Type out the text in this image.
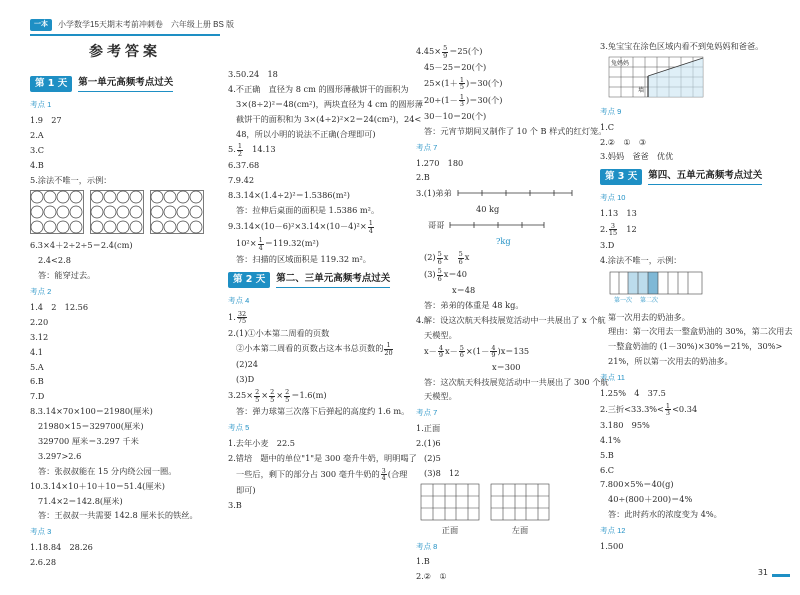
一本	小学数学15天期末考前冲刺卷　六年级上册 BS 版
参考答案
第 1 天	第一单元高频考点过关
考点 1
1.9　27
2.A
3.C
4.B
5.涂法不唯一，示例：
6.3×4＋2÷2÷5＝2.4(cm)
2.4<2.8
答：能穿过去。
考点 2
1.4　2　12.56
2.20
3.12
4.1
5.A
6.B
7.D
8.3.14×70×100＝21980(厘米)
21980×15＝329700(厘米)
329700 厘米＝3.297 千米
3.297>2.6
答：张叔叔能在 15 分内绕公园一圈。
10.3.14×10＋10＋10＝51.4(厘米)
71.4×2＝142.8(厘米)
答：王叔叔一共需要 142.8 厘米长的铁丝。
考点 3
1.18.84　28.26
2.6.28
3.50.24　18
4.不正确　直径为 8 cm 的圆形薄截饼干的面积为
3×(8÷2)²＝48(cm²)，两块直径为 4 cm 的圆形薄
截饼干的面积和为 3×(4÷2)²×2＝24(cm²)，24<
48，所以小明的说法不正确(合理即可)
5. $\frac{1}{2}$
　 14.13
6.37.68
7.9.42
8.3.14×(1.4÷2)²＝1.5386(m²)
答：拉伸后桌面的面积是 1.5386 m²。
$9.3.14\times(10-6)^2\times 3.14\times(10-4)^2\times \frac{1}{4}$
$10^2\times \frac{1}{4} =119.32(m^2)$
答：扫描的区域面积是 119.32 m²。
第 2 天	第二、三单元高频考点过关
考点 4
1. $\frac{32}{75}$
2.(1)①小本第二周看的页数
②小本第二周看的页数占这本书总页数的 $\frac{1}{20}$
(2)24
(3)D
$3.25\times \frac{2}{5} \times \frac{2}{5} \times \frac{2}{5} =1.6(m)$
答：弹力球第三次落下后弹起的高度约 1.6 m。
考点 5
1.去年小麦　22.5
2.错培　题中的单位"1"是 300 毫升牛奶，明明喝了
一些后，剩下的部分占 300 毫升牛奶的 $\frac{3}{4}$ (合理
即可)
3.B
$4.45\times \frac{5}{9} =25$(个)
45－25＝20(个)
$25\times(1+ \frac{1}{5} )=30$(个)
$20\div(1- \frac{1}{3} )=30$(个)
30－10＝20(个)
答：元宵节期间又制作了 10 个 B 样式的红灯笼。
考点 7
1.270　180
2.B
3.(1)弟弟
40 kg
哥哥
?kg
$(2) \frac{5}{6}$ x　 $\frac{5}{6}$ x
$(3) \frac{5}{6} x=40$
x＝48
答：弟弟的体重是 48 kg。
4.解：设这次航天科技展览活动中一共展出了 x 个航
天模型。
$x- \frac{4}{9} x- \frac{5}{6} \times(1- \frac{4}{9} )x=135$
x＝300
答：这次航天科技展览活动中一共展出了 300 个航
天模型。
考点 7
1.正面
2.(1)6
(2)5
(3)8　12
正面	左面
考点 8
1.B
2.②　①
3.兔宝宝在涂色区域内看不到兔妈妈和爸爸。
兔妈妈
墙
考点 9
1.C
2.②　①　③
3.妈妈　爸爸　优优
第 3 天	第四、五单元高频考点过关
考点 10
1.13　13
2. $\frac{3}{15}$ 　12
3.D
4.涂法不唯一，示例：
第一次 第二次
第一次用去的奶油多。
理由：第一次用去一整盒奶油的 30%，第二次用去
一整盒奶油的 (1－30%)×30%＝21%，30%>
21%，所以第一次用去的奶油多。
考点 11
1.25%　4　37.5
2.三折$<33.3\%< \frac{1}{3} <0.34$
3.180　95%
4.1%
5.B
6.C
7.800×5%＝40(g)
40÷(800＋200)＝4%
答：此时药水的浓度变为 4%。
考点 12
1.500
31
